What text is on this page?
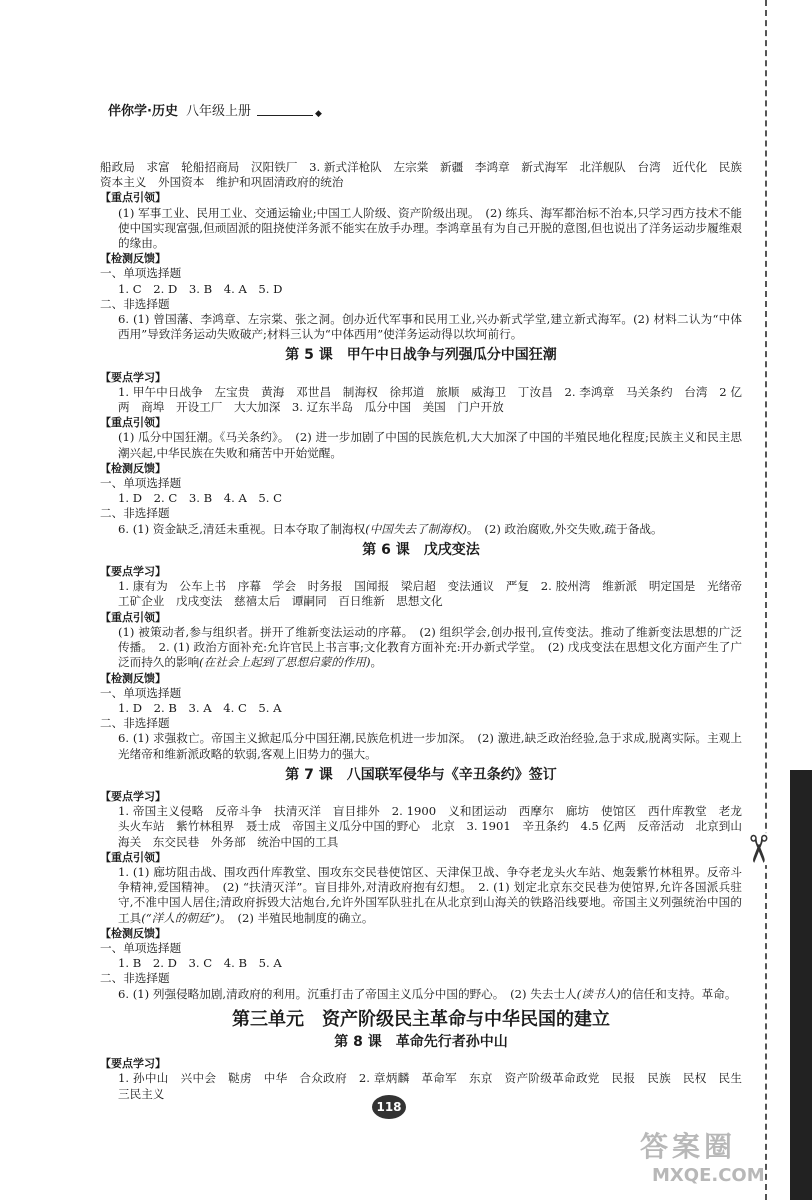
✂
伴你学·历史 八年级上册	◆
船政局　求富　轮船招商局　汉阳铁厂　3. 新式洋枪队　左宗棠　新疆　李鸿章　新式海军　北洋舰队　台湾　近代化　民族资本主义　外国资本　维护和巩固清政府的统治
【重点引领】
(1) 军事工业、民用工业、交通运输业;中国工人阶级、资产阶级出现。　(2) 练兵、海军都治标不治本,只学习西方技术不能使中国实现富强,但顽固派的阻挠使洋务派不能实在放手办理。李鸿章虽有为自己开脱的意图,但也说出了洋务运动步履维艰的缘由。
【检测反馈】
一、单项选择题
1. C　2. D　3. B　4. A　5. D
二、非选择题
6. (1) 曾国藩、李鸿章、左宗棠、张之洞。创办近代军事和民用工业,兴办新式学堂,建立新式海军。(2) 材料二认为“中体西用”导致洋务运动失败破产;材料三认为“中体西用”使洋务运动得以坎坷前行。
第 5 课　甲午中日战争与列强瓜分中国狂潮
【要点学习】
1. 甲午中日战争　左宝贵　黄海　邓世昌　制海权　徐邦道　旅顺　威海卫　丁汝昌　2. 李鸿章　马关条约　台湾　2 亿两　商埠　开设工厂　大大加深　3. 辽东半岛　瓜分中国　美国　门户开放
【重点引领】
(1) 瓜分中国狂潮。《马关条约》。　(2) 进一步加剧了中国的民族危机,大大加深了中国的半殖民地化程度;民族主义和民主思潮兴起,中华民族在失败和痛苦中开始觉醒。
【检测反馈】
一、单项选择题
1. D　2. C　3. B　4. A　5. C
二、非选择题
6. (1) 资金缺乏,清廷未重视。日本夺取了制海权(中国失去了制海权)。　(2) 政治腐败,外交失败,疏于备战。
第 6 课　戊戌变法
【要点学习】
1. 康有为　公车上书　序幕　学会　时务报　国闻报　梁启超　变法通议　严复　2. 胶州湾　维新派　明定国是　光绪帝　工矿企业　戊戌变法　慈禧太后　谭嗣同　百日维新　思想文化
【重点引领】
(1) 被策动者,参与组织者。拼开了维新变法运动的序幕。　(2) 组织学会,创办报刊,宣传变法。推动了维新变法思想的广泛传播。　2. (1) 政治方面补充:允许官民上书言事;文化教育方面补充:开办新式学堂。　(2) 戊戌变法在思想文化方面产生了广泛而持久的影响(在社会上起到了思想启蒙的作用)。
【检测反馈】
一、单项选择题
1. D　2. B　3. A　4. C　5. A
二、非选择题
6. (1) 求强救亡。帝国主义掀起瓜分中国狂潮,民族危机进一步加深。　(2) 激进,缺乏政治经验,急于求成,脱离实际。主观上光绪帝和维新派政略的软弱,客观上旧势力的强大。
第 7 课　八国联军侵华与《辛丑条约》签订
【要点学习】
1. 帝国主义侵略　反帝斗争　扶清灭洋　盲目排外　2. 1900　义和团运动　西摩尔　廊坊　使馆区　西什库教堂　老龙头火车站　紫竹林租界　聂士成　帝国主义瓜分中国的野心　北京　3. 1901　辛丑条约　4.5 亿两　反帝活动　北京到山海关　东交民巷　外务部　统治中国的工具
【重点引领】
1. (1) 廊坊阻击战、围攻西什库教堂、围攻东交民巷使馆区、天津保卫战、争夺老龙头火车站、炮轰紫竹林租界。反帝斗争精神,爱国精神。　(2) “扶清灭洋”。盲目排外,对清政府抱有幻想。　2. (1) 划定北京东交民巷为使馆界,允许各国派兵驻守,不准中国人居住;清政府拆毁大沽炮台,允许外国军队驻扎在从北京到山海关的铁路沿线要地。帝国主义列强统治中国的工具(“洋人的朝廷”)。　(2) 半殖民地制度的确立。
【检测反馈】
一、单项选择题
1. B　2. D　3. C　4. B　5. A
二、非选择题
6. (1) 列强侵略加剧,清政府的利用。沉重打击了帝国主义瓜分中国的野心。　(2) 失去士人(读书人)的信任和支持。革命。
第三单元　资产阶级民主革命与中华民国的建立
第 8 课　革命先行者孙中山
【要点学习】
1. 孙中山　兴中会　鞑虏　中华　合众政府　2. 章炳麟　革命军　东京　资产阶级革命政党　民报　民族　民权　民生　三民主义
118
答案圈
MXQE.COM
